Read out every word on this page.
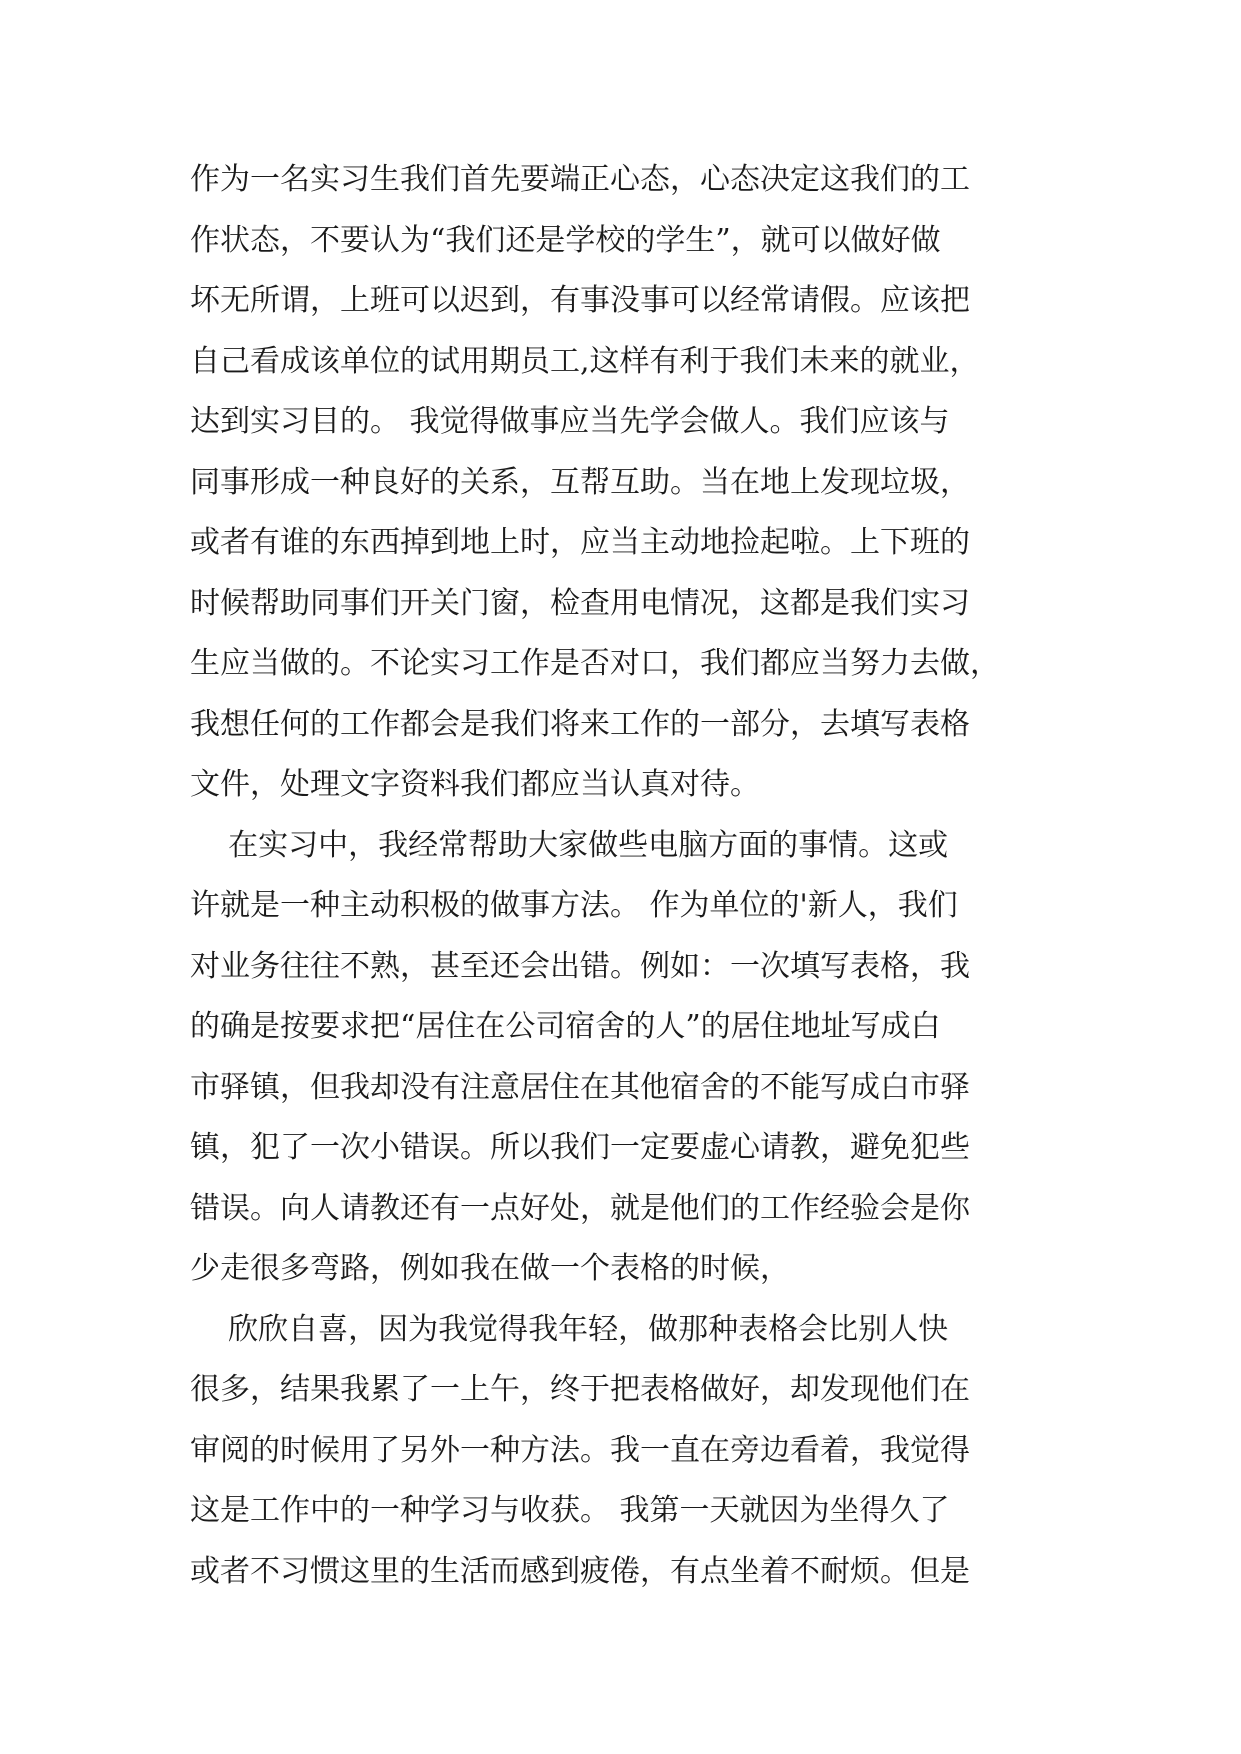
作为一名实习生我们首先要端正心态，心态决定这我们的工
作状态，不要认为“我们还是学校的学生”，就可以做好做
坏无所谓，上班可以迟到，有事没事可以经常请假。应该把
自己看成该单位的试用期员工,这样有利于我们未来的就业，
达到实习目的。 我觉得做事应当先学会做人。我们应该与
同事形成一种良好的关系，互帮互助。当在地上发现垃圾，
或者有谁的东西掉到地上时，应当主动地捡起啦。上下班的
时候帮助同事们开关门窗，检查用电情况，这都是我们实习
生应当做的。不论实习工作是否对口，我们都应当努力去做，
我想任何的工作都会是我们将来工作的一部分，去填写表格
文件，处理文字资料我们都应当认真对待。
在实习中，我经常帮助大家做些电脑方面的事情。这或
许就是一种主动积极的做事方法。 作为单位的'新人，我们
对业务往往不熟，甚至还会出错。例如：一次填写表格，我
的确是按要求把“居住在公司宿舍的人”的居住地址写成白
市驿镇，但我却没有注意居住在其他宿舍的不能写成白市驿
镇，犯了一次小错误。所以我们一定要虚心请教，避免犯些
错误。向人请教还有一点好处，就是他们的工作经验会是你
少走很多弯路，例如我在做一个表格的时候，
欣欣自喜，因为我觉得我年轻，做那种表格会比别人快
很多，结果我累了一上午，终于把表格做好，却发现他们在
审阅的时候用了另外一种方法。我一直在旁边看着，我觉得
这是工作中的一种学习与收获。 我第一天就因为坐得久了
或者不习惯这里的生活而感到疲倦，有点坐着不耐烦。但是
